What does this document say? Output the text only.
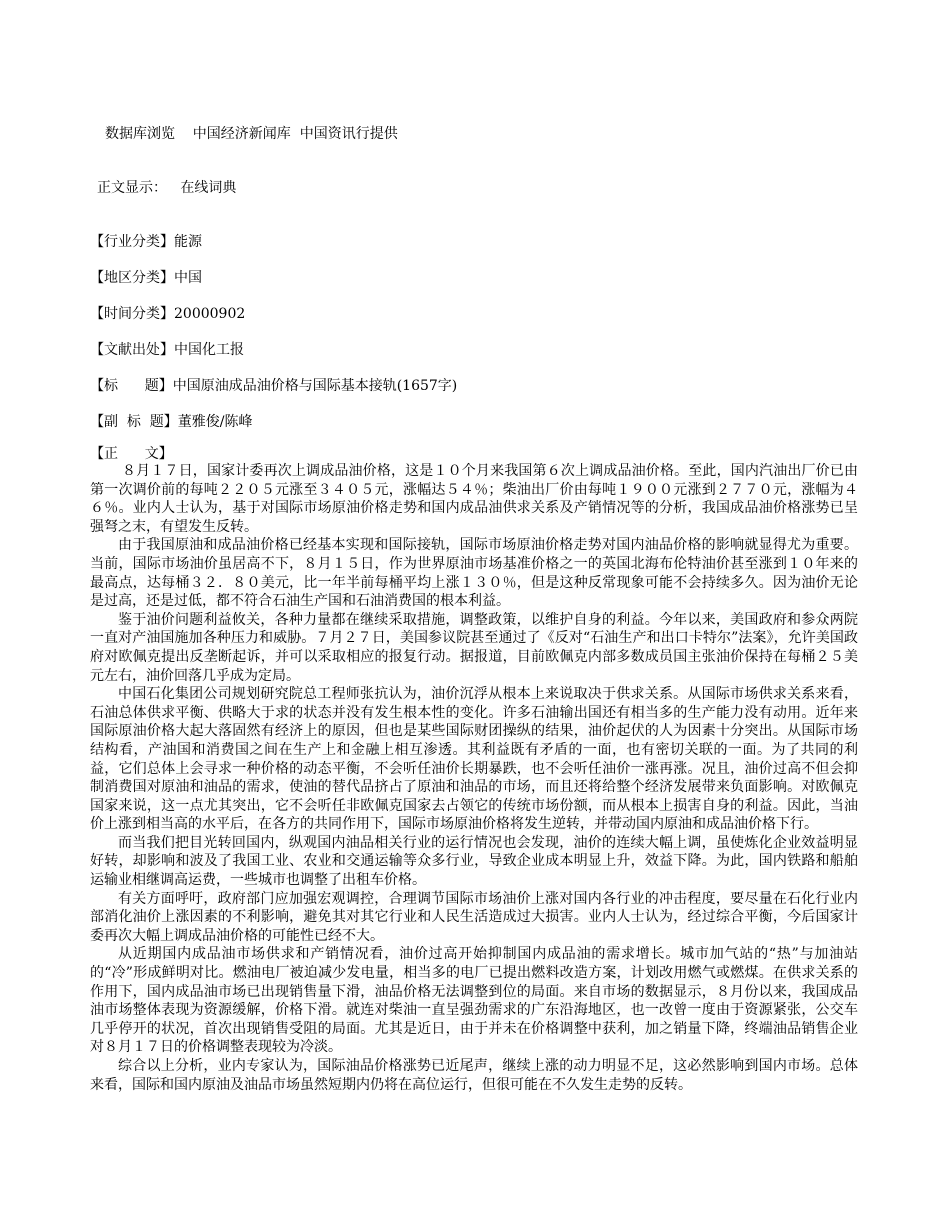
数据库浏览    中国经济新闻库  中国资讯行提供
正文显示：   在线词典
【行业分类】能源
【地区分类】中国
【时间分类】20000902
【文献出处】中国化工报
【标      题】中国原油成品油价格与国际基本接轨(1657字)
【副  标  题】董雅俊/陈峰
【正      文】

８月１７日，国家计委再次上调成品油价格，这是１０个月来我国第６次上调成品油价格。至此，国内汽油出厂价已由第一次调价前的每吨２２０５元涨至３４０５元，涨幅达５４％；柴油出厂价由每吨１９００元涨到２７７０元，涨幅为４６％。业内人士认为，基于对国际市场原油价格走势和国内成品油供求关系及产销情况等的分析，我国成品油价格涨势已呈强弩之末，有望发生反转。

由于我国原油和成品油价格已经基本实现和国际接轨，国际市场原油价格走势对国内油品价格的影响就显得尤为重要。当前，国际市场油价虽居高不下，８月１５日，作为世界原油市场基准价格之一的英国北海布伦特油价甚至涨到１０年来的最高点，达每桶３２．８０美元，比一年半前每桶平均上涨１３０％，但是这种反常现象可能不会持续多久。因为油价无论是过高，还是过低，都不符合石油生产国和石油消费国的根本利益。

鉴于油价问题利益攸关，各种力量都在继续采取措施，调整政策，以维护自身的利益。今年以来，美国政府和参众两院一直对产油国施加各种压力和威胁。７月２７日，美国参议院甚至通过了《反对“石油生产和出口卡特尔”法案》，允许美国政府对欧佩克提出反垄断起诉，并可以采取相应的报复行动。据报道，目前欧佩克内部多数成员国主张油价保持在每桶２５美元左右，油价回落几乎成为定局。

中国石化集团公司规划研究院总工程师张抗认为，油价沉浮从根本上来说取决于供求关系。从国际市场供求关系来看，石油总体供求平衡、供略大于求的状态并没有发生根本性的变化。许多石油输出国还有相当多的生产能力没有动用。近年来国际原油价格大起大落固然有经济上的原因，但也是某些国际财团操纵的结果，油价起伏的人为因素十分突出。从国际市场结构看，产油国和消费国之间在生产上和金融上相互渗透。其利益既有矛盾的一面，也有密切关联的一面。为了共同的利益，它们总体上会寻求一种价格的动态平衡，不会听任油价长期暴跌，也不会听任油价一涨再涨。况且，油价过高不但会抑制消费国对原油和油品的需求，使油的替代品挤占了原油和油品的市场，而且还将给整个经济发展带来负面影响。对欧佩克国家来说，这一点尤其突出，它不会听任非欧佩克国家去占领它的传统市场份额，而从根本上损害自身的利益。因此，当油价上涨到相当高的水平后，在各方的共同作用下，国际市场原油价格将发生逆转，并带动国内原油和成品油价格下行。

而当我们把目光转回国内，纵观国内油品相关行业的运行情况也会发现，油价的连续大幅上调，虽使炼化企业效益明显好转，却影响和波及了我国工业、农业和交通运输等众多行业，导致企业成本明显上升，效益下降。为此，国内铁路和船舶运输业相继调高运费，一些城市也调整了出租车价格。

有关方面呼吁，政府部门应加强宏观调控，合理调节国际市场油价上涨对国内各行业的冲击程度，要尽量在石化行业内部消化油价上涨因素的不利影响，避免其对其它行业和人民生活造成过大损害。业内人士认为，经过综合平衡，今后国家计委再次大幅上调成品油价格的可能性已经不大。

从近期国内成品油市场供求和产销情况看，油价过高开始抑制国内成品油的需求增长。城市加气站的“热”与加油站的“冷”形成鲜明对比。燃油电厂被迫减少发电量，相当多的电厂已提出燃料改造方案，计划改用燃气或燃煤。在供求关系的作用下，国内成品油市场已出现销售量下滑，油品价格无法调整到位的局面。来自市场的数据显示，８月份以来，我国成品油市场整体表现为资源缓解，价格下滑。就连对柴油一直呈强劲需求的广东沿海地区，也一改曾一度由于资源紧张，公交车几乎停开的状况，首次出现销售受阻的局面。尤其是近日，由于并未在价格调整中获利，加之销量下降，终端油品销售企业对８月１７日的价格调整表现较为冷淡。

综合以上分析，业内专家认为，国际油品价格涨势已近尾声，继续上涨的动力明显不足，这必然影响到国内市场。总体来看，国际和国内原油及油品市场虽然短期内仍将在高位运行，但很可能在不久发生走势的反转。
